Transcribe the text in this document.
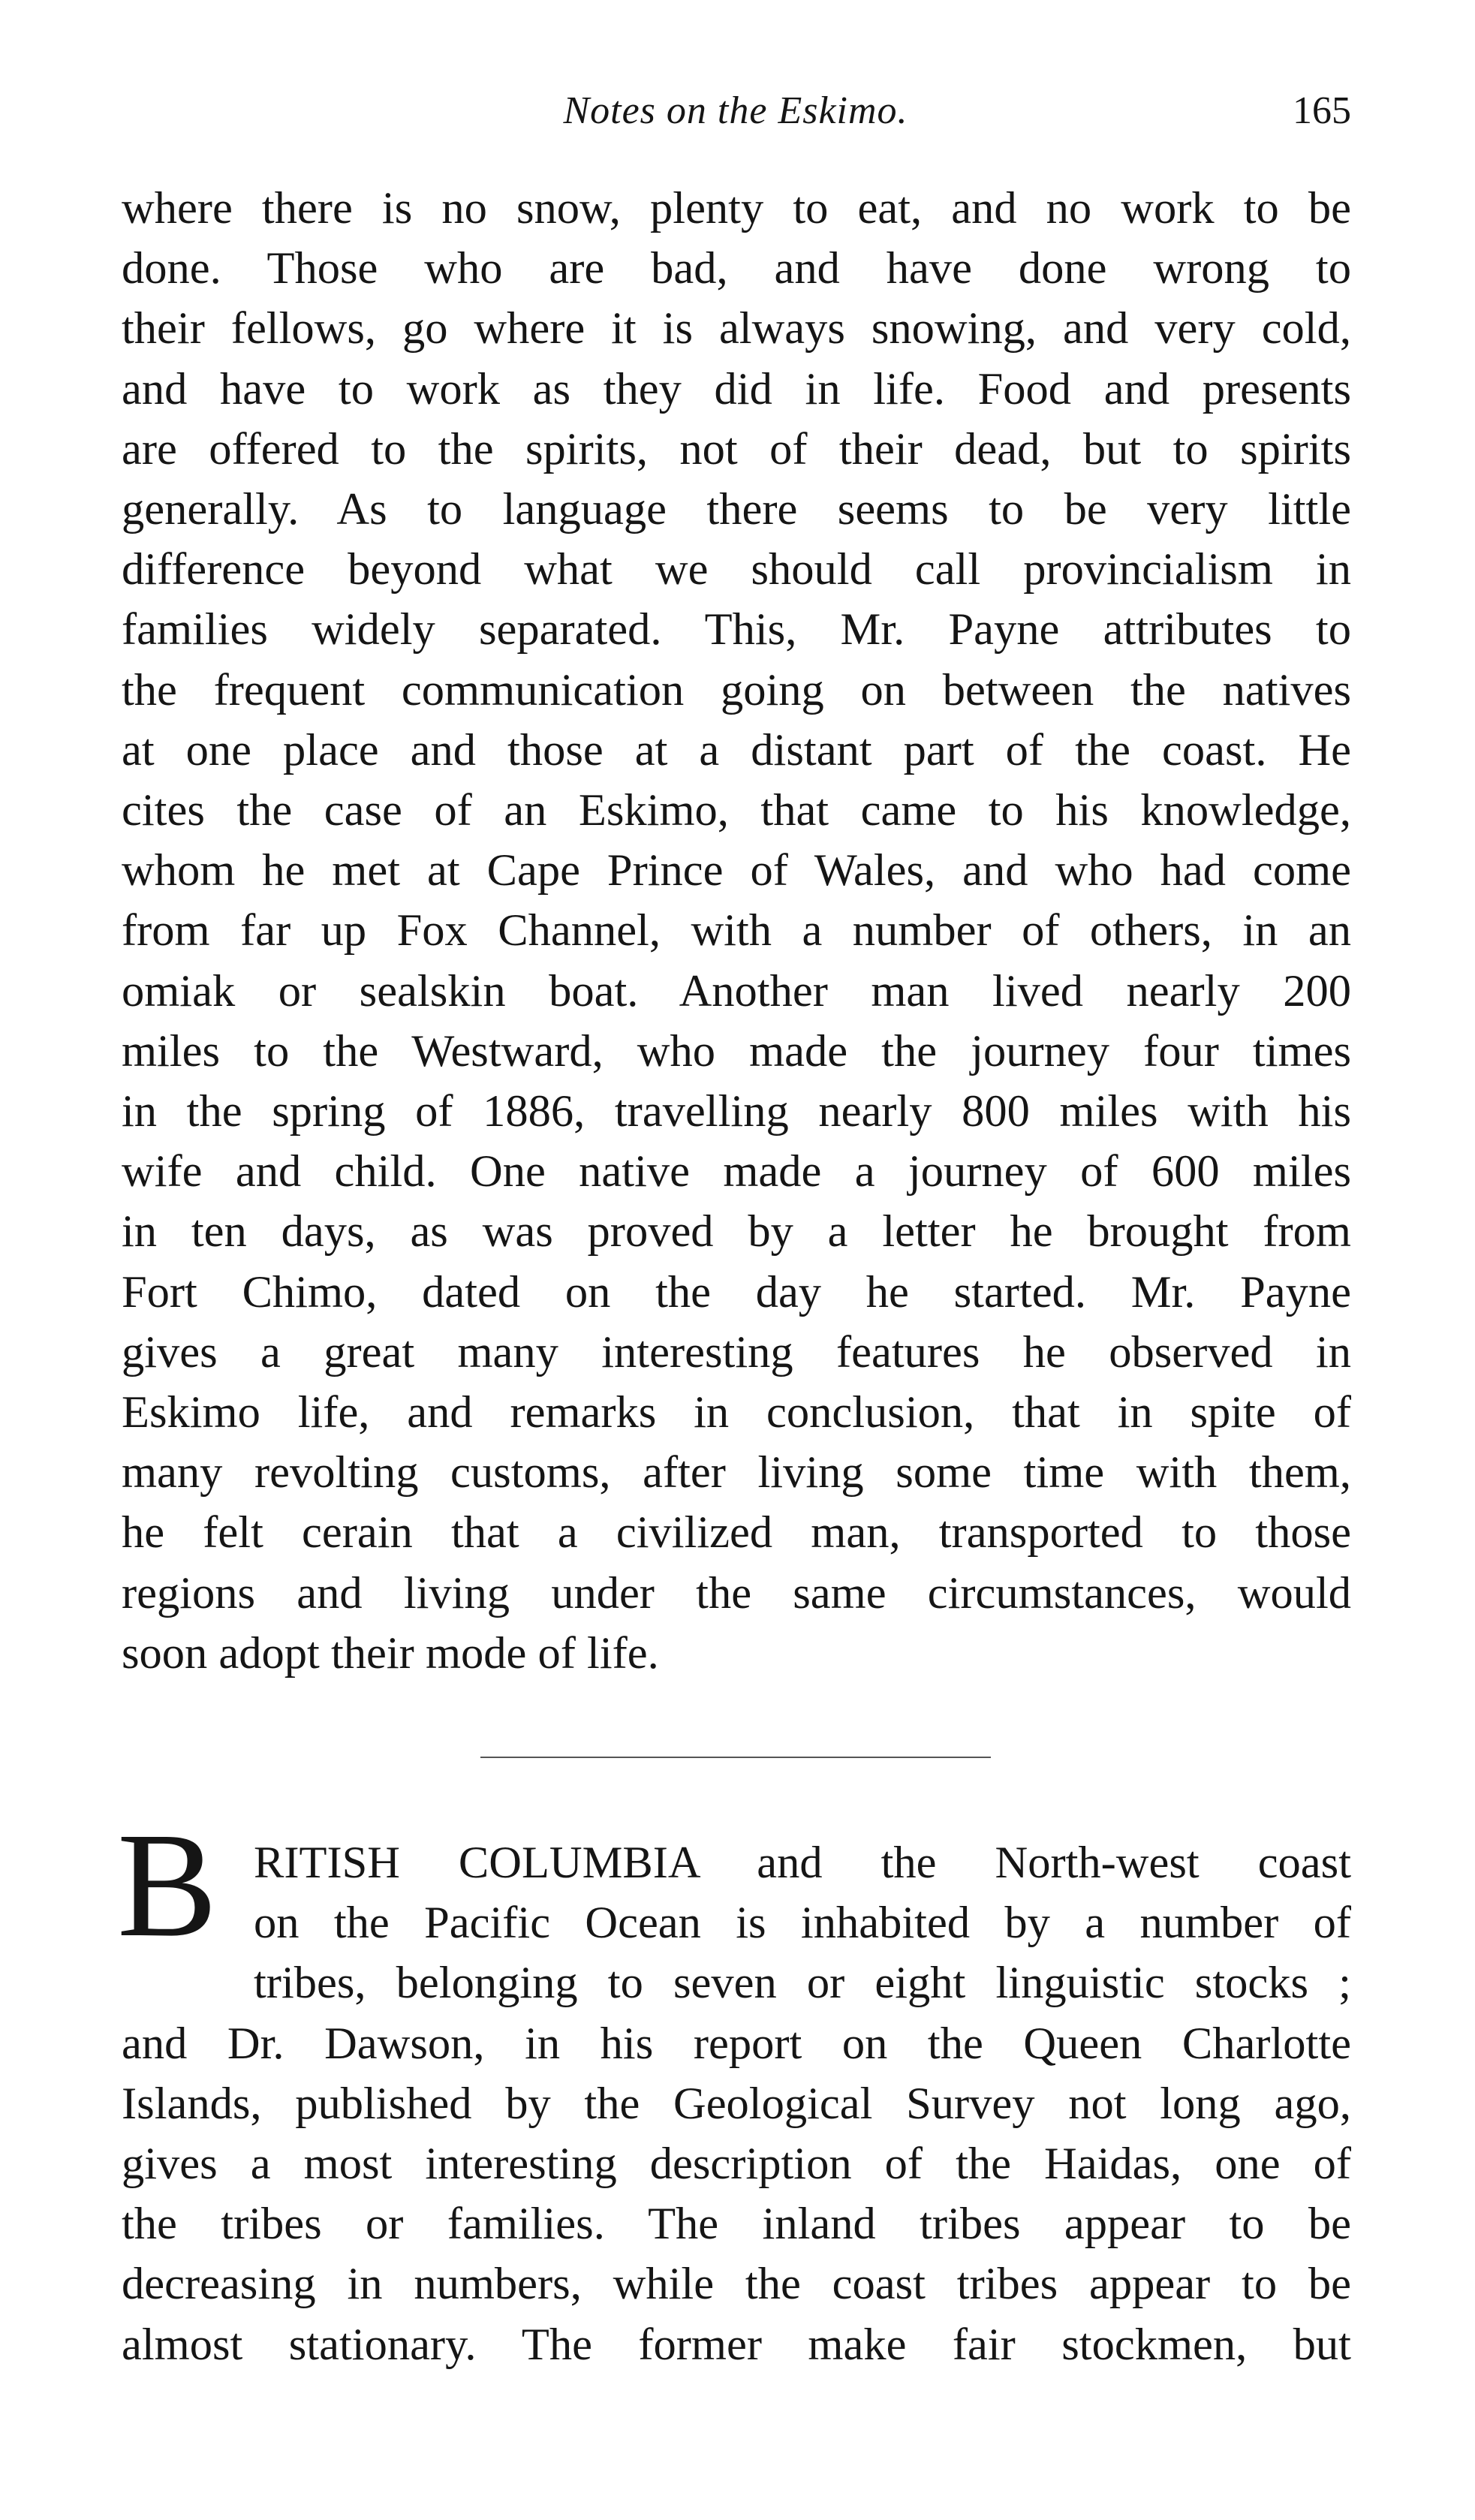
Notes on the Eskimo.	165
where there is no snow, plenty to eat, and no work to be
done. Those who are bad, and have done wrong to
their fellows, go where it is always snowing, and very cold,
and have to work as they did in life. Food and presents
are offered to the spirits, not of their dead, but to spirits
generally. As to language there seems to be very little
difference beyond what we should call provincialism in
families widely separated. This, Mr. Payne attributes to
the frequent communication going on between the natives
at one place and those at a distant part of the coast. He
cites the case of an Eskimo, that came to his knowledge,
whom he met at Cape Prince of Wales, and who had come
from far up Fox Channel, with a number of others, in an
omiak or sealskin boat. Another man lived nearly 200
miles to the Westward, who made the journey four times
in the spring of 1886, travelling nearly 800 miles with his
wife and child. One native made a journey of 600 miles
in ten days, as was proved by a letter he brought from
Fort Chimo, dated on the day he started. Mr. Payne
gives a great many interesting features he observed in
Eskimo life, and remarks in conclusion, that in spite of
many revolting customs, after living some time with them,
he felt cerain that a civilized man, transported to those
regions and living under the same circumstances, would
soon adopt their mode of life.
B RITISH COLUMBIA and the North-west coast
on the Pacific Ocean is inhabited by a number of
tribes, belonging to seven or eight linguistic stocks ;
and Dr. Dawson, in his report on the Queen Charlotte
Islands, published by the Geological Survey not long ago,
gives a most interesting description of the Haidas, one of
the tribes or families. The inland tribes appear to be
decreasing in numbers, while the coast tribes appear to be
almost stationary. The former make fair stockmen, but
